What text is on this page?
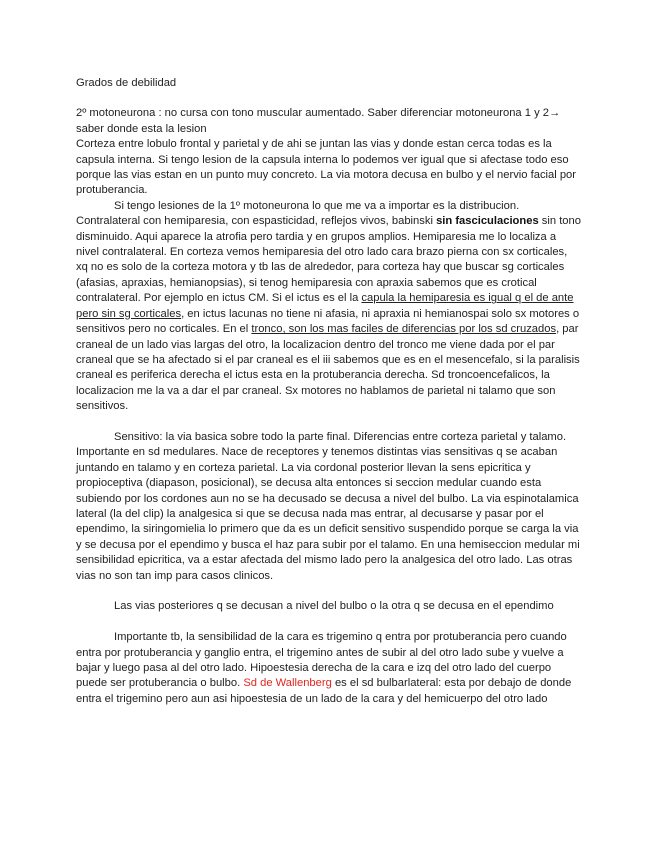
Grados de debilidad

2º motoneurona : no cursa con tono muscular aumentado. Saber diferenciar motoneurona 1 y 2→ saber donde esta la lesion

Corteza entre lobulo frontal y parietal y de ahi se juntan las vias y donde estan cerca todas es la capsula interna. Si tengo lesion de la capsula interna lo podemos ver igual que si afectase todo eso porque las vias estan en un punto muy concreto. La via motora decusa en bulbo y el nervio facial por protuberancia.

Si tengo lesiones de la 1º motoneurona lo que me va a importar es la distribucion. Contralateral con hemiparesia, con espasticidad, reflejos vivos, babinski sin fasciculaciones sin tono disminuido. Aqui aparece la atrofia pero tardia y en grupos amplios. Hemiparesia me lo localiza a nivel contralateral. En corteza vemos hemiparesia del otro lado cara brazo pierna con sx corticales, xq no es solo de la corteza motora y tb las de alrededor, para corteza hay que buscar sg corticales (afasias, apraxias, hemianopsias), si tenog hemiparesia con apraxia sabemos que es crotical contralateral. Por ejemplo en ictus CM. Si el ictus es el la capula la hemiparesia es igual q el de ante pero sin sg corticales, en ictus lacunas no tiene ni afasia, ni apraxia ni hemianospai solo sx motores o sensitivos pero no corticales. En el tronco, son los mas faciles de diferencias por los sd cruzados, par craneal de un lado vias largas del otro, la localizacion dentro del tronco me viene dada por el par craneal que se ha afectado si el par craneal es el iii sabemos que es en el mesencefalo, si la paralisis craneal es periferica derecha el ictus esta en la protuberancia derecha. Sd troncoencefalicos, la localizacion me la va a dar el par craneal. Sx motores no hablamos de parietal ni talamo que son sensitivos.

Sensitivo: la via basica sobre todo la parte final. Diferencias entre corteza parietal y talamo. Importante en sd medulares. Nace de receptores y tenemos distintas vias sensitivas q se acaban juntando en talamo y en corteza parietal. La via cordonal posterior llevan la sens epicritica y propioceptiva (diapason, posicional), se decusa alta entonces si seccion medular cuando esta subiendo por los cordones aun no se ha decusado se decusa a nivel del bulbo. La via espinotalamica lateral (la del clip) la analgesica si que se decusa nada mas entrar, al decusarse y pasar por el ependimo, la siringomielia lo primero que da es un deficit sensitivo suspendido porque se carga la via y se decusa por el ependimo y busca el haz para subir por el talamo. En una hemiseccion medular mi sensibilidad epicritica, va a estar afectada del mismo lado pero la analgesica del otro lado. Las otras vias no son tan imp para casos clinicos.

Las vias posteriores q se decusan a nivel del bulbo o la otra q se decusa en el ependimo

Importante tb, la sensibilidad de la cara es trigemino q entra por protuberancia pero cuando entra por protuberancia y ganglio entra, el trigemino antes de subir al del otro lado sube y vuelve a bajar y luego pasa al del otro lado. Hipoestesia derecha de la cara e izq del otro lado del cuerpo puede ser protuberancia o bulbo. Sd de Wallenberg es el sd bulbarlateral: esta por debajo de donde entra el trigemino pero aun asi hipoestesia de un lado de la cara y del hemicuerpo del otro lado
